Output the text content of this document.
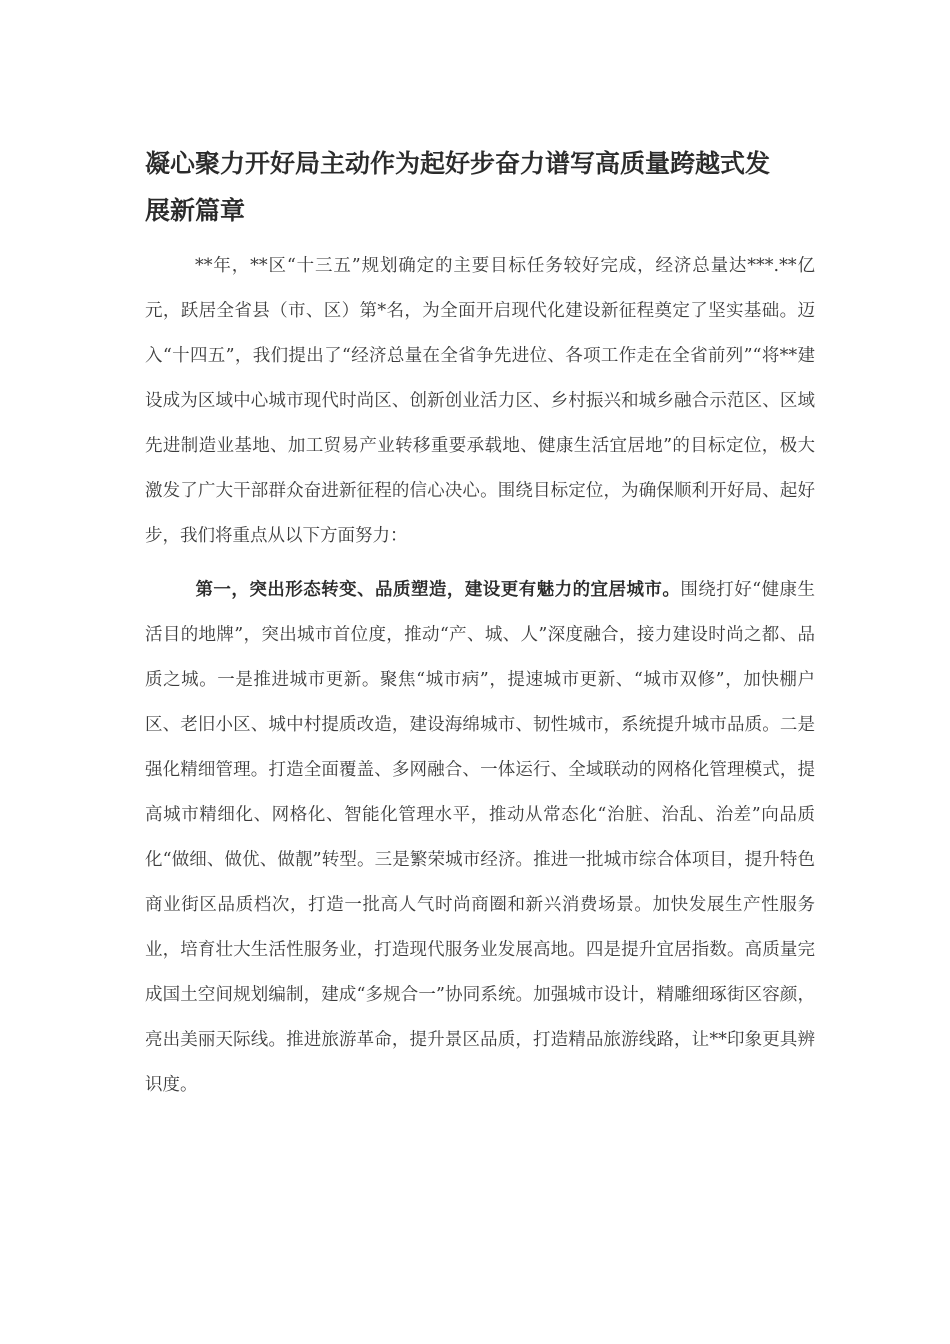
凝心聚力开好局主动作为起好步奋力谱写高质量跨越式发展新篇章

**年，**区“十三五”规划确定的主要目标任务较好完成，经济总量达***.**亿元，跃居全省县（市、区）第*名，为全面开启现代化建设新征程奠定了坚实基础。迈入“十四五”，我们提出了“经济总量在全省争先进位、各项工作走在全省前列”“将**建设成为区域中心城市现代时尚区、创新创业活力区、乡村振兴和城乡融合示范区、区域先进制造业基地、加工贸易产业转移重要承载地、健康生活宜居地”的目标定位，极大激发了广大干部群众奋进新征程的信心决心。围绕目标定位，为确保顺利开好局、起好步，我们将重点从以下方面努力：

第一，突出形态转变、品质塑造，建设更有魅力的宜居城市。围绕打好“健康生活目的地牌”，突出城市首位度，推动“产、城、人”深度融合，接力建设时尚之都、品质之城。一是推进城市更新。聚焦“城市病”，提速城市更新、“城市双修”，加快棚户区、老旧小区、城中村提质改造，建设海绵城市、韧性城市，系统提升城市品质。二是强化精细管理。打造全面覆盖、多网融合、一体运行、全域联动的网格化管理模式，提高城市精细化、网格化、智能化管理水平，推动从常态化“治脏、治乱、治差”向品质化“做细、做优、做靓”转型。三是繁荣城市经济。推进一批城市综合体项目，提升特色商业街区品质档次，打造一批高人气时尚商圈和新兴消费场景。加快发展生产性服务业，培育壮大生活性服务业，打造现代服务业发展高地。四是提升宜居指数。高质量完成国土空间规划编制，建成“多规合一”协同系统。加强城市设计，精雕细琢街区容颜，亮出美丽天际线。推进旅游革命，提升景区品质，打造精品旅游线路，让**印象更具辨识度。
